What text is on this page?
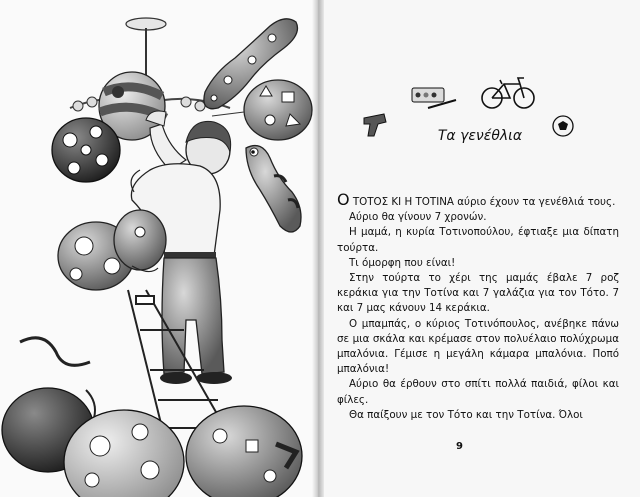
Τα γενέθλια

Ο ΤΟΤΟΣ ΚΙ Η ΤΟΤΙΝΑ αύριο έχουν τα γενέθλιά τους.

Αύριο θα γίνουν 7 χρονών.

Η μαμά, η κυρία Τοτινοπούλου, έφτιαξε μια δίπατη τούρτα.

Τι όμορφη που είναι!

Στην τούρτα το χέρι της μαμάς έβαλε 7 ροζ κεράκια για την Τοτίνα και 7 γαλάζια για τον Τότο. 7 και 7 μας κάνουν 14 κεράκια.

Ο μπαμπάς, ο κύριος Τοτινόπουλος, ανέβηκε πάνω σε μια σκάλα και κρέμασε στον πολυέλαιο πολύχρωμα μπαλόνια. Γέμισε η μεγάλη κάμαρα μπαλόνια. Ποπό μπαλόνια!

Αύριο θα έρθουν στο σπίτι πολλά παιδιά, φίλοι και φίλες.

Θα παίξουν με τον Τότο και την Τοτίνα. Όλοι

9
